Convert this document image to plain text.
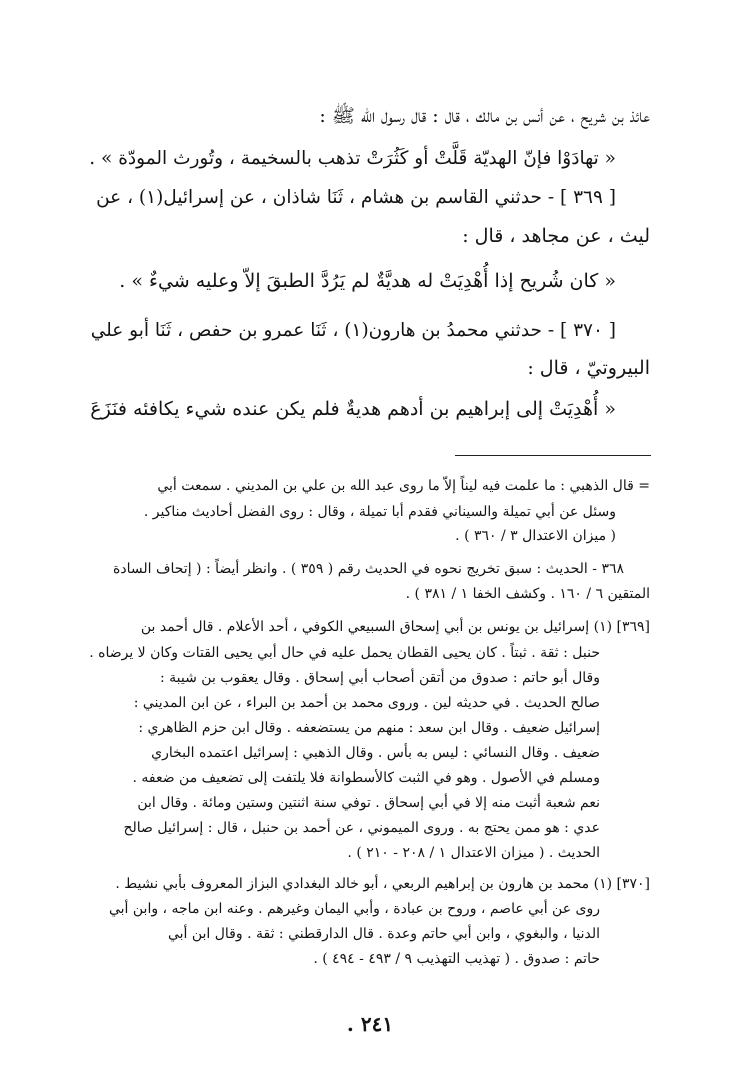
عائذ بن شريح ، عن أنس بن مالك ، قال : قال رسول الله ﷺ :
« تهادَوْا فإنّ الهديّة قَلَّتْ أو كَثُرَتْ تذهب بالسخيمة ، وتُورث المودّة » .
[ ٣٦٩ ] - حدثني القاسم بن هشام ، ثَنَا شاذان ، عن إسرائيل(١) ، عن
ليث ، عن مجاهد ، قال :
« كان شُريح إذا أُهْدِيَتْ له هديَّةٌ لم يَرُدَّ الطبقَ إلاّ وعليه شيءٌ » .
[ ٣٧٠ ] - حدثني محمدُ بن هارون(١) ، ثَنَا عمرو بن حفص ، ثَنَا أبو علي
البيروتيّ ، قال :
« أُهْدِيَتْ إلى إبراهيم بن أدهم هديةٌ فلم يكن عنده شيء يكافئه فنَزَعَ
= قال الذهبي : ما علمت فيه ليناً إلاّ ما روى عبد الله بن علي بن المديني . سمعت أبي
وسئل عن أبي تميلة والسيناني فقدم أبا تميلة ، وقال : روى الفضل أحاديث مناكير .
( ميزان الاعتدال ٣ / ٣٦٠ ) .
٣٦٨ - الحديث : سبق تخريج نحوه في الحديث رقم ( ٣٥٩ ) . وانظر أيضاً : ( إتحاف السادة
المتقين ٦ / ١٦٠ . وكشف الخفا ١ / ٣٨١ ) .
[٣٦٩] (١) إسرائيل بن يونس بن أبي إسحاق السبيعي الكوفي ، أحد الأعلام . قال أحمد بن
حنبل : ثقة . ثبتاً . كان يحيى القطان يحمل عليه في حال أبي يحيى القتات وكان لا يرضاه .
وقال أبو حاتم : صدوق من أتقن أصحاب أبي إسحاق . وقال يعقوب بن شيبة :
صالح الحديث . في حديثه لين . وروى محمد بن أحمد بن البراء ، عن ابن المديني :
إسرائيل ضعيف . وقال ابن سعد : منهم من يستضعفه . وقال ابن حزم الظاهري :
ضعيف . وقال النسائي : ليس به بأس . وقال الذهبي : إسرائيل اعتمده البخاري
ومسلم في الأصول . وهو في الثبت كالأسطوانة فلا يلتفت إلى تضعيف من ضعفه .
نعم شعبة أثبت منه إلا في أبي إسحاق . توفي سنة اثنتين وستين ومائة . وقال ابن
عدي : هو ممن يحتج به . وروى الميموني ، عن أحمد بن حنبل ، قال : إسرائيل صالح
الحديث . ( ميزان الاعتدال ١ / ٢٠٨ - ٢١٠ ) .
[٣٧٠] (١) محمد بن هارون بن إبراهيم الربعي ، أبو خالد البغدادي البزاز المعروف بأبي نشيط .
روى عن أبي عاصم ، وروح بن عبادة ، وأبي اليمان وغيرهم . وعنه ابن ماجه ، وابن أبي
الدنيا ، والبغوي ، وابن أبي حاتم وعدة . قال الدارقطني : ثقة . وقال ابن أبي
حاتم : صدوق . ( تهذيب التهذيب ٩ / ٤٩٣ - ٤٩٤ ) .
٢٤١ .
